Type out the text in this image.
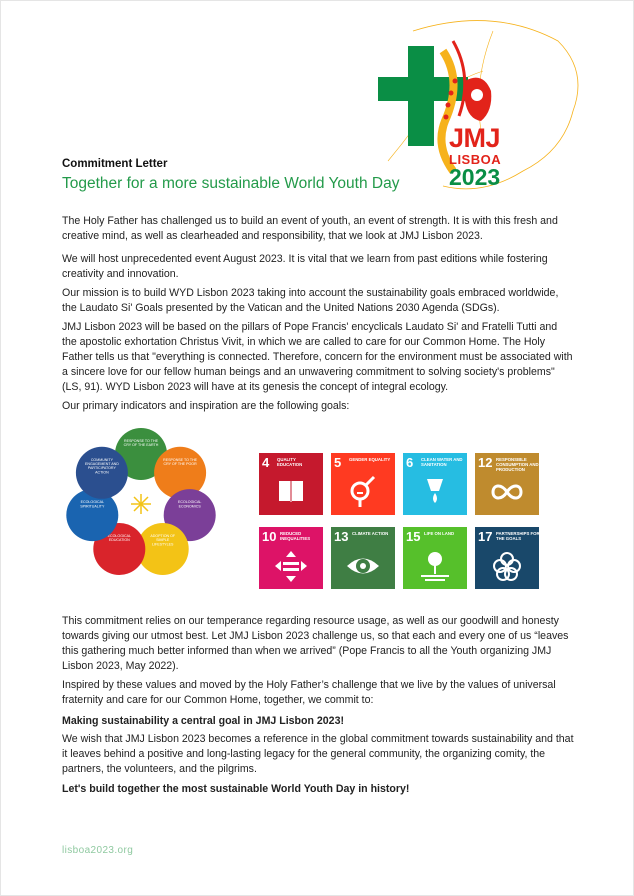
JMJ
LISBOA
2023
Commitment Letter
Together for a more sustainable World Youth Day

The Holy Father has challenged us to build an event of youth, an event of strength. It is with this fresh and creative mind, as well as clearheaded and responsibility, that we look at JMJ Lisbon 2023.

We will host unprecedented event August 2023. It is vital that we learn from past editions while fostering creativity and innovation.

Our mission is to build WYD Lisbon 2023 taking into account the sustainability goals embraced worldwide, the Laudato Si' Goals presented by the Vatican and the United Nations 2030 Agenda (SDGs).

JMJ Lisbon 2023 will be based on the pillars of Pope Francis' encyclicals Laudato Si' and Fratelli Tutti and the apostolic exhortation Christus Vivit, in which we are called to care for our Common Home. The Holy Father tells us that "everything is connected. Therefore, concern for the environment must be associated with a sincere love for our fellow human beings and an unwavering commitment to solving society's problems" (LS, 91). WYD Lisbon 2023 will have at its genesis the concept of integral ecology.

Our primary indicators and inspiration are the following goals:

RESPONSE TO THE CRY OF THE EARTH
RESPONSE TO THE CRY OF THE POOR
ECOLOGICAL ECONOMICS
ADOPTION OF SIMPLE LIFESTYLES
ECOLOGICAL EDUCATION
ECOLOGICAL SPIRITUALITY
COMMUNITY ENGAGEMENT AND PARTICIPATORY ACTION
4 QUALITY EDUCATION	5 GENDER EQUALITY 6 CLEAN WATER AND SANITATION	12 RESPONSIBLE CONSUMPTION AND PRODUCTION
10 REDUCED INEQUALITIES	13 CLIMATE ACTION	15 LIFE ON LAND	17 PARTNERSHIPS FOR THE GOALS

This commitment relies on our temperance regarding resource usage, as well as our goodwill and honesty towards giving our utmost best. Let JMJ Lisbon 2023 challenge us, so that each and every one of us “leaves this gathering much better informed than when we arrived” (Pope Francis to all the Youth organizing JMJ Lisbon 2023, May 2022).

Inspired by these values and moved by the Holy Father’s challenge that we live by the values of universal fraternity and care for our Common Home, together, we commit to:

Making sustainability a central goal in JMJ Lisbon 2023!

We wish that JMJ Lisbon 2023 becomes a reference in the global commitment towards sustainability and that it leaves behind a positive and long-lasting legacy for the general community, the organizing comity, the partners, the volunteers, and the pilgrims.

Let's build together the most sustainable World Youth Day in history!

lisboa2023.org
